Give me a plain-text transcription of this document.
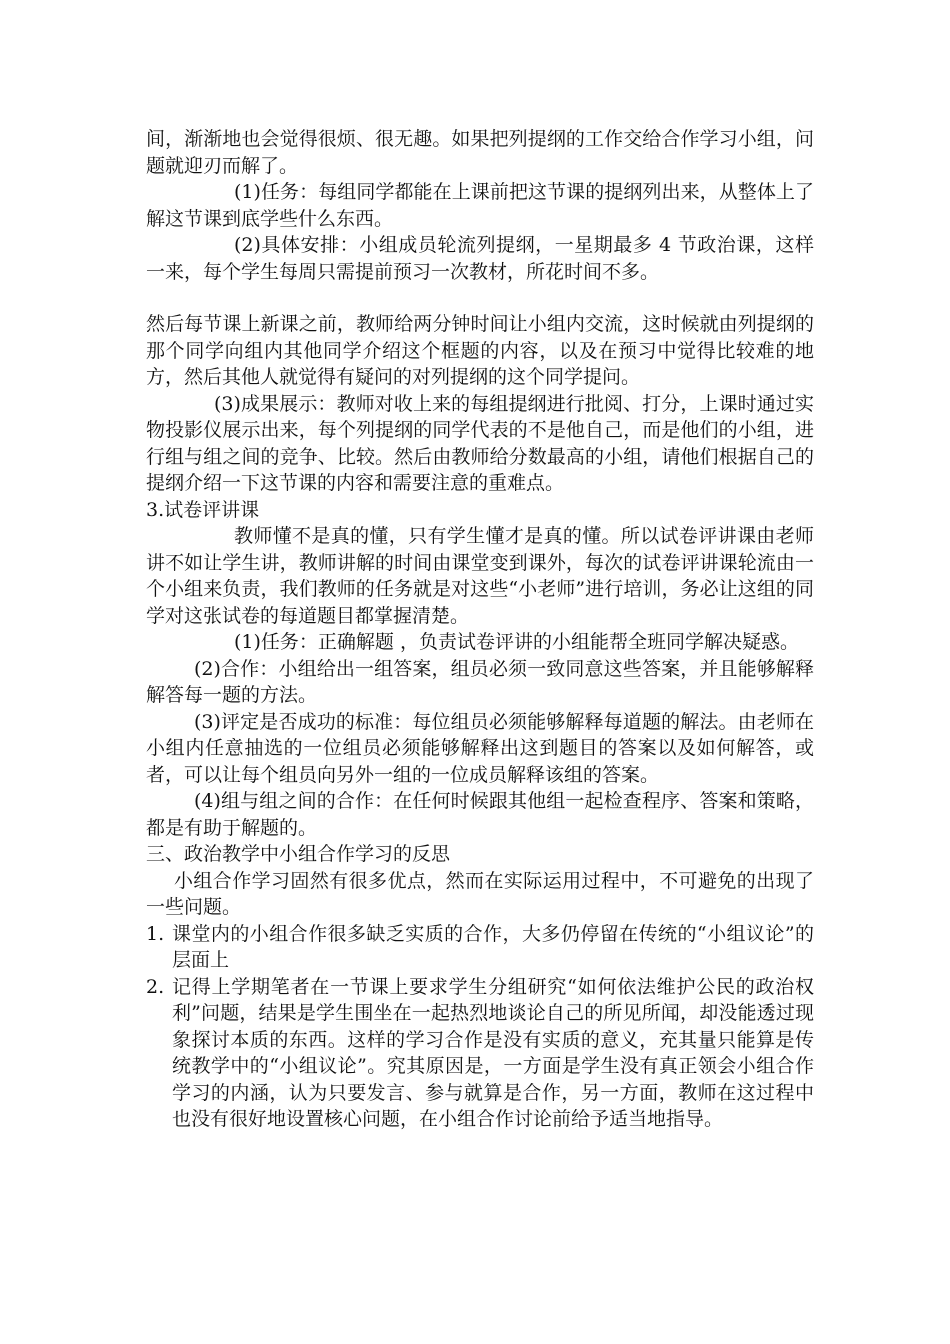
间，渐渐地也会觉得很烦、很无趣。如果把列提纲的工作交给合作学习小组，问题就迎刃而解了。

(1)任务：每组同学都能在上课前把这节课的提纲列出来，从整体上了解这节课到底学些什么东西。

(2)具体安排：小组成员轮流列提纲，一星期最多 4 节政治课，这样一来，每个学生每周只需提前预习一次教材，所花时间不多。

然后每节课上新课之前，教师给两分钟时间让小组内交流，这时候就由列提纲的那个同学向组内其他同学介绍这个框题的内容，以及在预习中觉得比较难的地方，然后其他人就觉得有疑问的对列提纲的这个同学提问。

(3)成果展示：教师对收上来的每组提纲进行批阅、打分，上课时通过实物投影仪展示出来，每个列提纲的同学代表的不是他自己，而是他们的小组，进行组与组之间的竞争、比较。然后由教师给分数最高的小组，请他们根据自己的提纲介绍一下这节课的内容和需要注意的重难点。

3.试卷评讲课

教师懂不是真的懂，只有学生懂才是真的懂。所以试卷评讲课由老师讲不如让学生讲，教师讲解的时间由课堂变到课外，每次的试卷评讲课轮流由一个小组来负责，我们教师的任务就是对这些“小老师”进行培训，务必让这组的同学对这张试卷的每道题目都掌握清楚。

(1)任务：正确解题 ，负责试卷评讲的小组能帮全班同学解决疑惑。

(2)合作：小组给出一组答案，组员必须一致同意这些答案，并且能够解释解答每一题的方法。

(3)评定是否成功的标准：每位组员必须能够解释每道题的解法。由老师在小组内任意抽选的一位组员必须能够解释出这到题目的答案以及如何解答，或者，可以让每个组员向另外一组的一位成员解释该组的答案。

(4)组与组之间的合作：在任何时候跟其他组一起检查程序、答案和策略，都是有助于解题的。

三、政治教学中小组合作学习的反思

小组合作学习固然有很多优点，然而在实际运用过程中，不可避免的出现了一些问题。

1. 课堂内的小组合作很多缺乏实质的合作，大多仍停留在传统的“小组议论”的层面上
2. 记得上学期笔者在一节课上要求学生分组研究“如何依法维护公民的政治权利”问题，结果是学生围坐在一起热烈地谈论自己的所见所闻，却没能透过现象探讨本质的东西。这样的学习合作是没有实质的意义，充其量只能算是传统教学中的“小组议论”。究其原因是，一方面是学生没有真正领会小组合作学习的内涵，认为只要发言、参与就算是合作，另一方面，教师在这过程中也没有很好地设置核心问题，在小组合作讨论前给予适当地指导。
